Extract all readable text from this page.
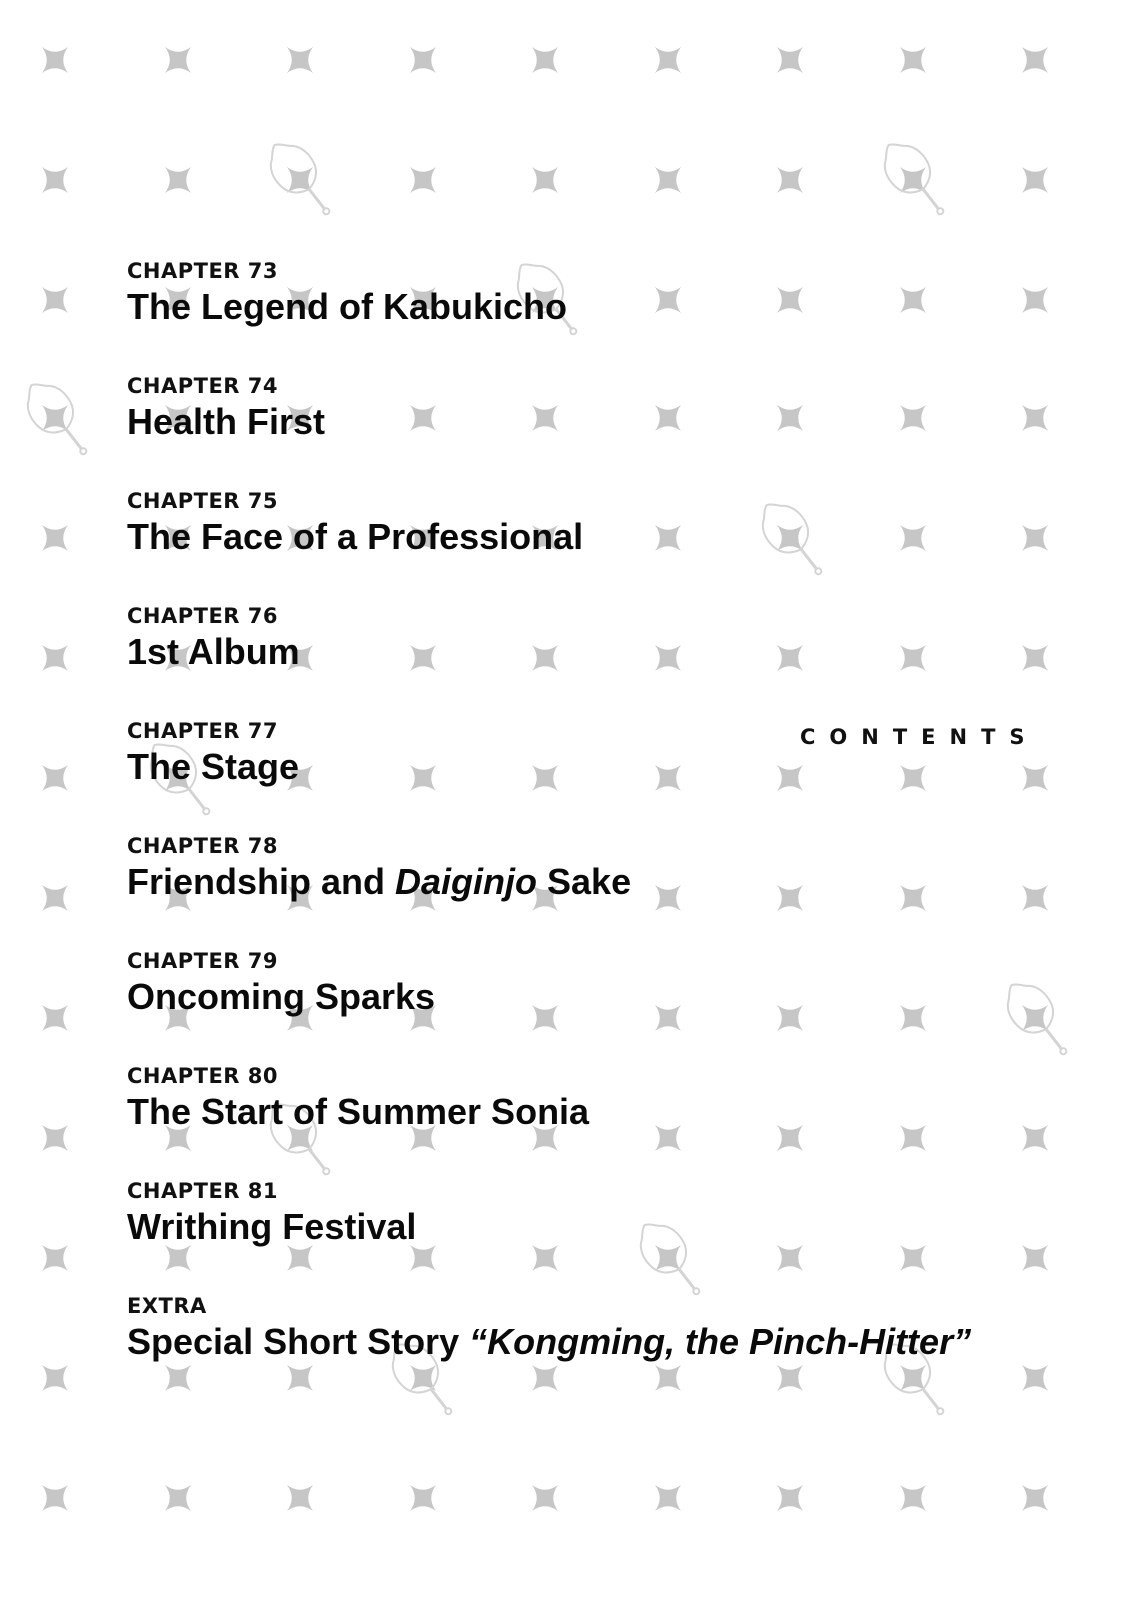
CHAPTER 73
The Legend of Kabukicho
CHAPTER 74
Health First
CHAPTER 75
The Face of a Professional
CHAPTER 76
1st Album
CHAPTER 77
The Stage
CHAPTER 78
Friendship and Daiginjo Sake
CHAPTER 79
Oncoming Sparks
CHAPTER 80
The Start of Summer Sonia
CHAPTER 81
Writhing Festival
EXTRA
Special Short Story “Kongming, the Pinch-Hitter”
CONTENTS
